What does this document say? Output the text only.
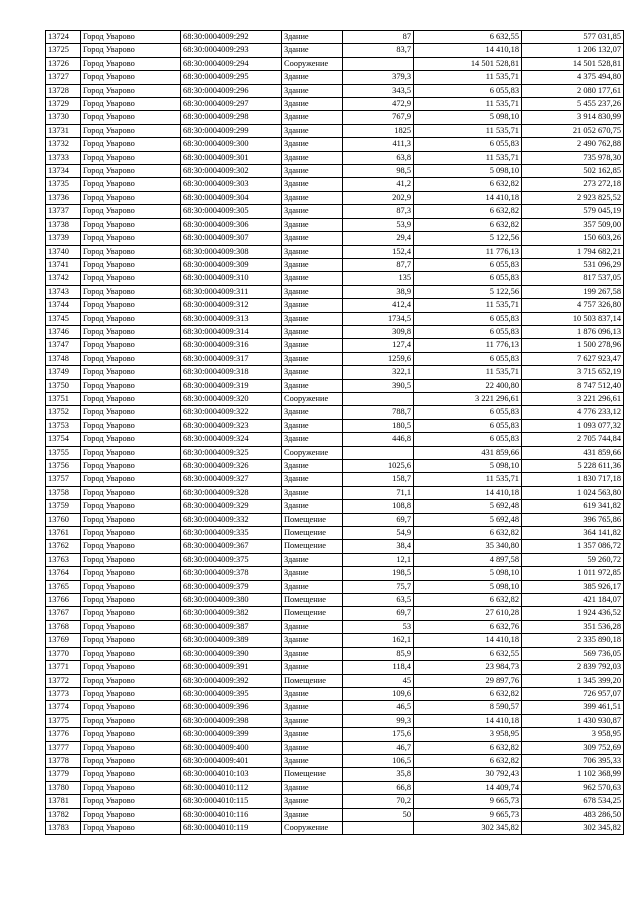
13724	Город Уварово	68:30:0004009:292	Здание	87	6 632,55	577 031,85
13725	Город Уварово	68:30:0004009:293	Здание	83,7	14 410,18	1 206 132,07
13726	Город Уварово	68:30:0004009:294	Сооружение		14 501 528,81	14 501 528,81
13727	Город Уварово	68:30:0004009:295	Здание	379,3	11 535,71	4 375 494,80
13728	Город Уварово	68:30:0004009:296	Здание	343,5	6 055,83	2 080 177,61
13729	Город Уварово	68:30:0004009:297	Здание	472,9	11 535,71	5 455 237,26
13730	Город Уварово	68:30:0004009:298	Здание	767,9	5 098,10	3 914 830,99
13731	Город Уварово	68:30:0004009:299	Здание	1825	11 535,71	21 052 670,75
13732	Город Уварово	68:30:0004009:300	Здание	411,3	6 055,83	2 490 762,88
13733	Город Уварово	68:30:0004009:301	Здание	63,8	11 535,71	735 978,30
13734	Город Уварово	68:30:0004009:302	Здание	98,5	5 098,10	502 162,85
13735	Город Уварово	68:30:0004009:303	Здание	41,2	6 632,82	273 272,18
13736	Город Уварово	68:30:0004009:304	Здание	202,9	14 410,18	2 923 825,52
13737	Город Уварово	68:30:0004009:305	Здание	87,3	6 632,82	579 045,19
13738	Город Уварово	68:30:0004009:306	Здание	53,9	6 632,82	357 509,00
13739	Город Уварово	68:30:0004009:307	Здание	29,4	5 122,56	150 603,26
13740	Город Уварово	68:30:0004009:308	Здание	152,4	11 776,13	1 794 682,21
13741	Город Уварово	68:30:0004009:309	Здание	87,7	6 055,83	531 096,29
13742	Город Уварово	68:30:0004009:310	Здание	135	6 055,83	817 537,05
13743	Город Уварово	68:30:0004009:311	Здание	38,9	5 122,56	199 267,58
13744	Город Уварово	68:30:0004009:312	Здание	412,4	11 535,71	4 757 326,80
13745	Город Уварово	68:30:0004009:313	Здание	1734,5	6 055,83	10 503 837,14
13746	Город Уварово	68:30:0004009:314	Здание	309,8	6 055,83	1 876 096,13
13747	Город Уварово	68:30:0004009:316	Здание	127,4	11 776,13	1 500 278,96
13748	Город Уварово	68:30:0004009:317	Здание	1259,6	6 055,83	7 627 923,47
13749	Город Уварово	68:30:0004009:318	Здание	322,1	11 535,71	3 715 652,19
13750	Город Уварово	68:30:0004009:319	Здание	390,5	22 400,80	8 747 512,40
13751	Город Уварово	68:30:0004009:320	Сооружение		3 221 296,61	3 221 296,61
13752	Город Уварово	68:30:0004009:322	Здание	788,7	6 055,83	4 776 233,12
13753	Город Уварово	68:30:0004009:323	Здание	180,5	6 055,83	1 093 077,32
13754	Город Уварово	68:30:0004009:324	Здание	446,8	6 055,83	2 705 744,84
13755	Город Уварово	68:30:0004009:325	Сооружение		431 859,66	431 859,66
13756	Город Уварово	68:30:0004009:326	Здание	1025,6	5 098,10	5 228 611,36
13757	Город Уварово	68:30:0004009:327	Здание	158,7	11 535,71	1 830 717,18
13758	Город Уварово	68:30:0004009:328	Здание	71,1	14 410,18	1 024 563,80
13759	Город Уварово	68:30:0004009:329	Здание	108,8	5 692,48	619 341,82
13760	Город Уварово	68:30:0004009:332	Помещение	69,7	5 692,48	396 765,86
13761	Город Уварово	68:30:0004009:335	Помещение	54,9	6 632,82	364 141,82
13762	Город Уварово	68:30:0004009:367	Помещение	38,4	35 340,80	1 357 086,72
13763	Город Уварово	68:30:0004009:375	Здание	12,1	4 897,58	59 260,72
13764	Город Уварово	68:30:0004009:378	Здание	198,5	5 098,10	1 011 972,85
13765	Город Уварово	68:30:0004009:379	Здание	75,7	5 098,10	385 926,17
13766	Город Уварово	68:30:0004009:380	Помещение	63,5	6 632,82	421 184,07
13767	Город Уварово	68:30:0004009:382	Помещение	69,7	27 610,28	1 924 436,52
13768	Город Уварово	68:30:0004009:387	Здание	53	6 632,76	351 536,28
13769	Город Уварово	68:30:0004009:389	Здание	162,1	14 410,18	2 335 890,18
13770	Город Уварово	68:30:0004009:390	Здание	85,9	6 632,55	569 736,05
13771	Город Уварово	68:30:0004009:391	Здание	118,4	23 984,73	2 839 792,03
13772	Город Уварово	68:30:0004009:392	Помещение	45	29 897,76	1 345 399,20
13773	Город Уварово	68:30:0004009:395	Здание	109,6	6 632,82	726 957,07
13774	Город Уварово	68:30:0004009:396	Здание	46,5	8 590,57	399 461,51
13775	Город Уварово	68:30:0004009:398	Здание	99,3	14 410,18	1 430 930,87
13776	Город Уварово	68:30:0004009:399	Здание	175,6	3 958,95	3 958,95
13777	Город Уварово	68:30:0004009:400	Здание	46,7	6 632,82	309 752,69
13778	Город Уварово	68:30:0004009:401	Здание	106,5	6 632,82	706 395,33
13779	Город Уварово	68:30:0004010:103	Помещение	35,8	30 792,43	1 102 368,99
13780	Город Уварово	68:30:0004010:112	Здание	66,8	14 409,74	962 570,63
13781	Город Уварово	68:30:0004010:115	Здание	70,2	9 665,73	678 534,25
13782	Город Уварово	68:30:0004010:116	Здание	50	9 665,73	483 286,50
13783	Город Уварово	68:30:0004010:119	Сооружение		302 345,82	302 345,82
